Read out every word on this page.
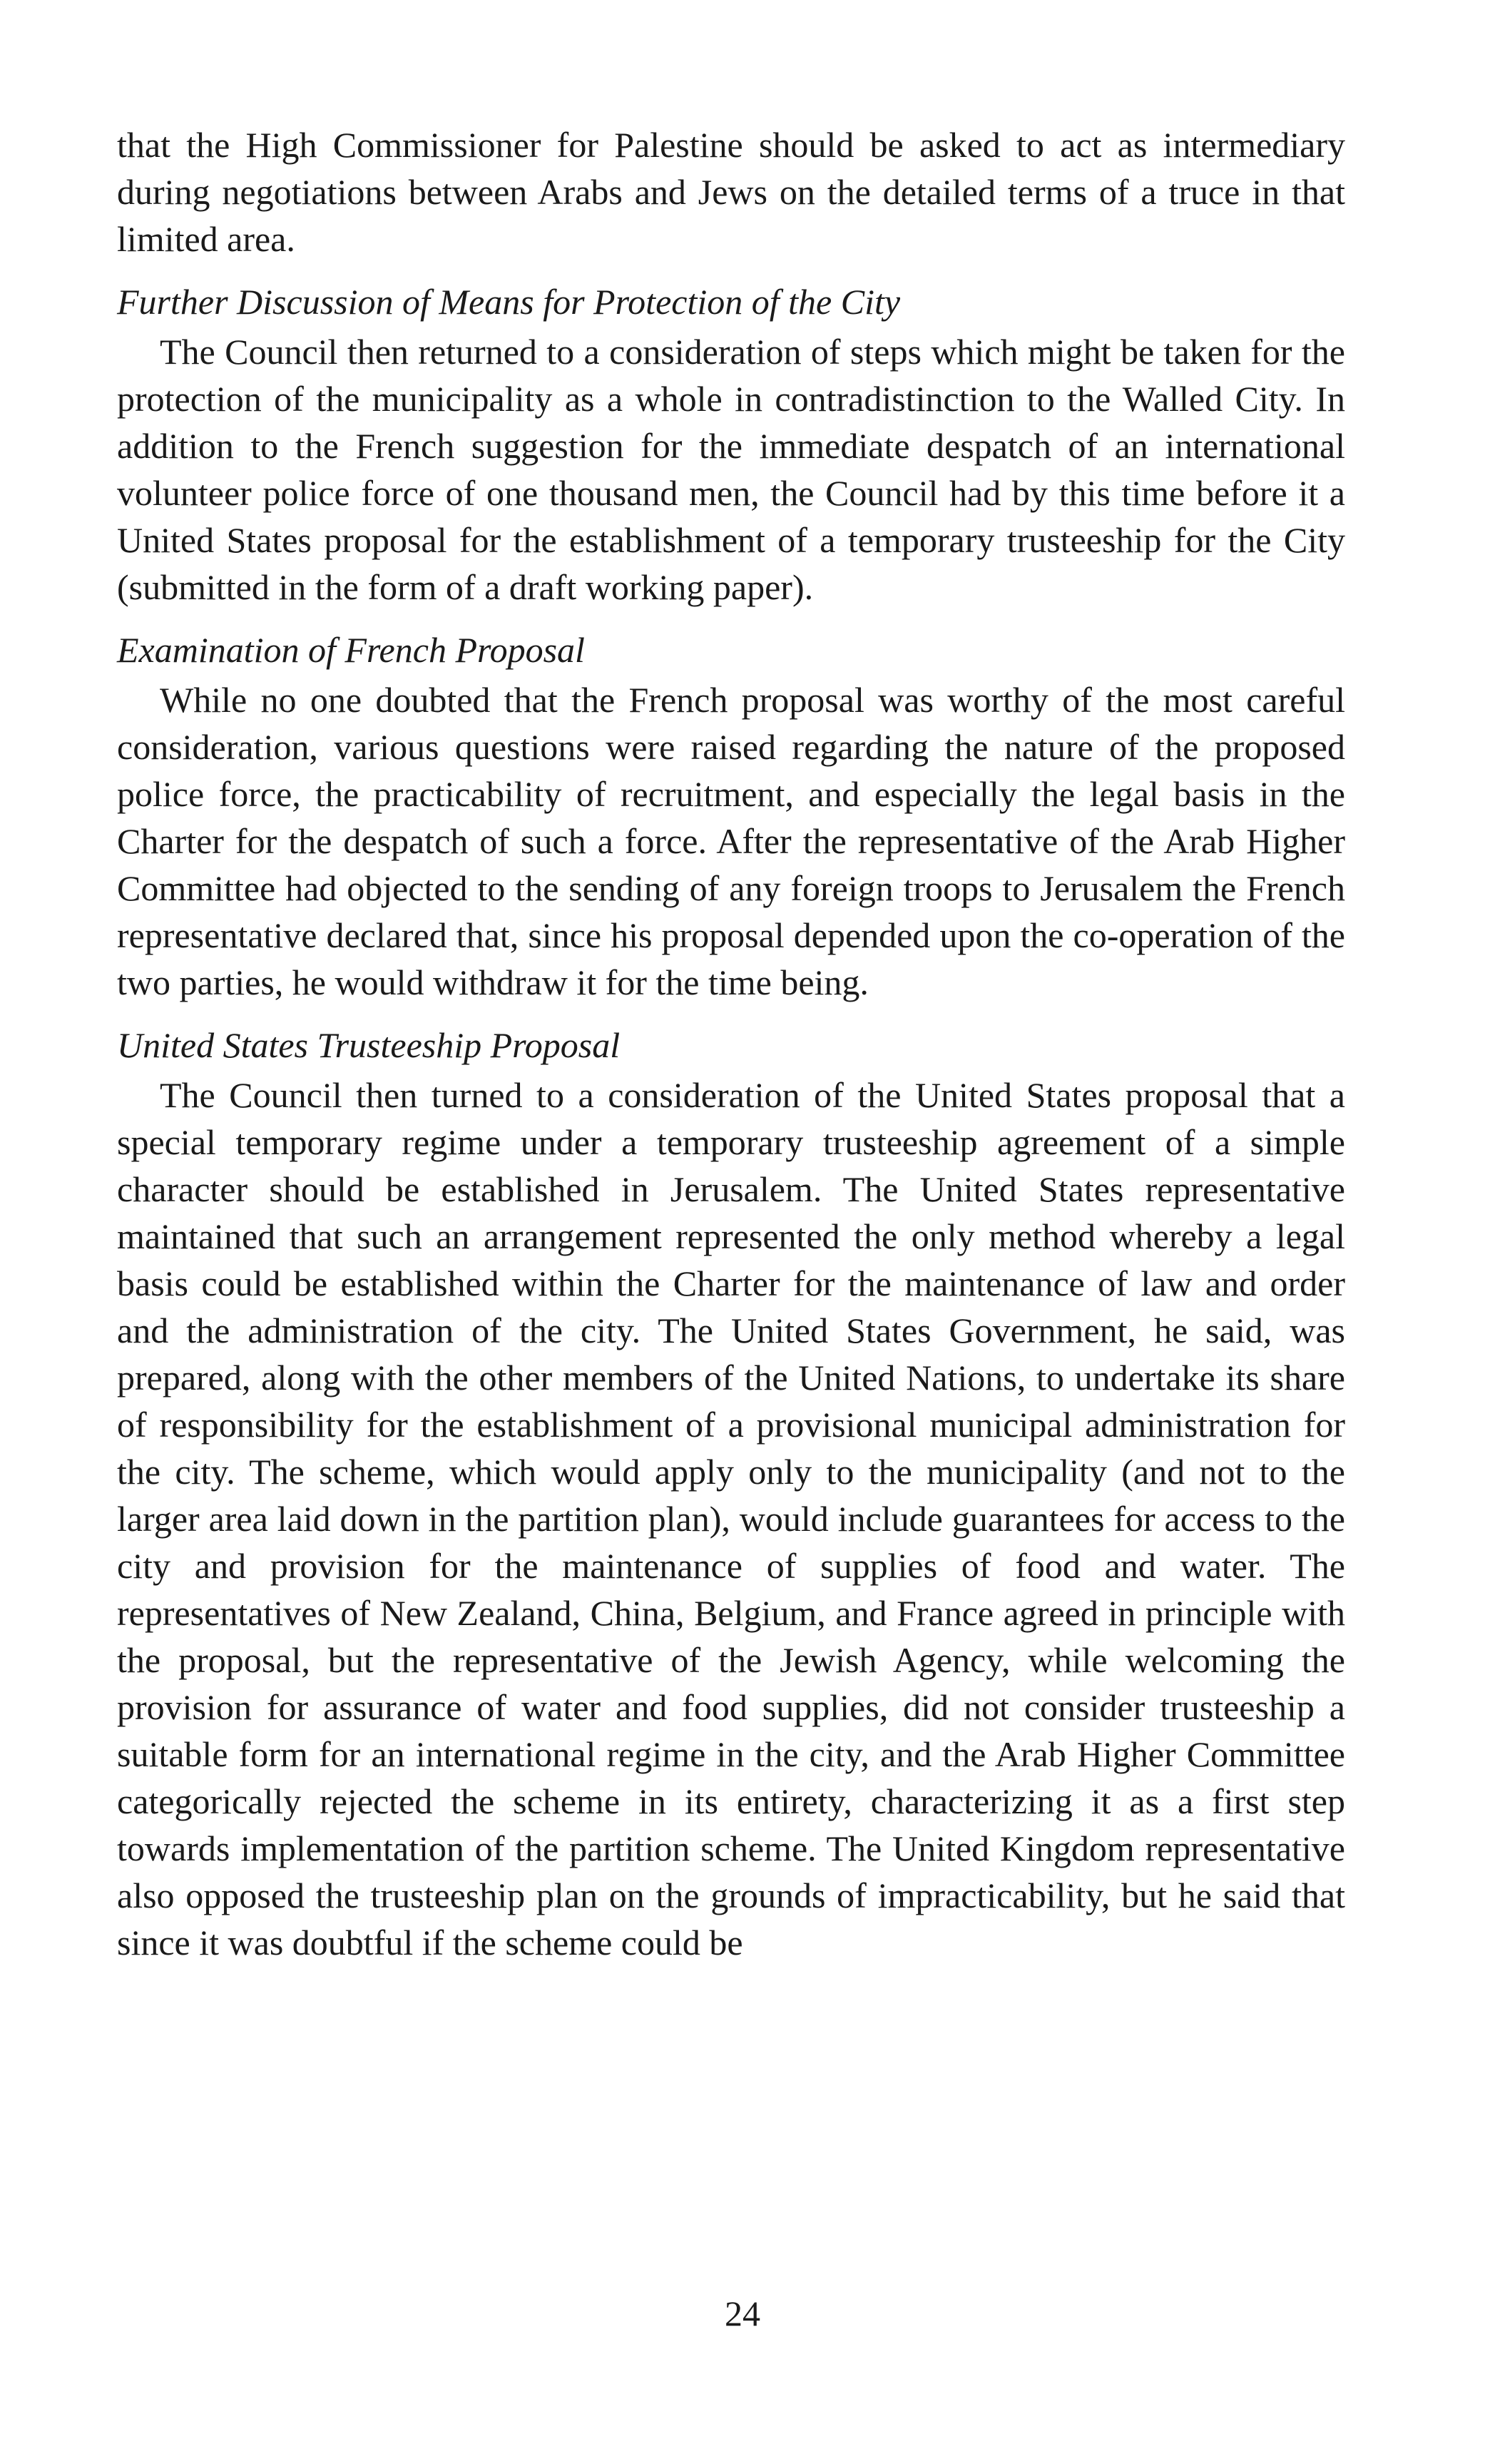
that the High Commissioner for Palestine should be asked to act as intermediary during negotiations between Arabs and Jews on the detailed terms of a truce in that limited area.

Further Discussion of Means for Protection of the City

The Council then returned to a consideration of steps which might be taken for the protection of the municipality as a whole in contradistinction to the Walled City. In addition to the French suggestion for the immediate despatch of an international volunteer police force of one thousand men, the Council had by this time before it a United States proposal for the establishment of a temporary trusteeship for the City (submitted in the form of a draft working paper).

Examination of French Proposal

While no one doubted that the French proposal was worthy of the most careful consideration, various questions were raised regarding the nature of the proposed police force, the practicability of recruitment, and especially the legal basis in the Charter for the despatch of such a force. After the representative of the Arab Higher Committee had objected to the sending of any foreign troops to Jerusalem the French representative declared that, since his proposal depended upon the co-operation of the two parties, he would withdraw it for the time being.

United States Trusteeship Proposal

The Council then turned to a consideration of the United States proposal that a special temporary regime under a temporary trusteeship agreement of a simple character should be established in Jerusalem. The United States representative maintained that such an arrangement represented the only method whereby a legal basis could be established within the Charter for the maintenance of law and order and the administration of the city. The United States Government, he said, was prepared, along with the other members of the United Nations, to undertake its share of responsibility for the establishment of a provisional municipal administration for the city. The scheme, which would apply only to the municipality (and not to the larger area laid down in the partition plan), would include guarantees for access to the city and provision for the maintenance of supplies of food and water. The representatives of New Zealand, China, Belgium, and France agreed in principle with the proposal, but the representative of the Jewish Agency, while welcoming the provision for assurance of water and food supplies, did not consider trusteeship a suitable form for an international regime in the city, and the Arab Higher Committee categorically rejected the scheme in its entirety, characterizing it as a first step towards implementation of the partition scheme. The United Kingdom representative also opposed the trusteeship plan on the grounds of impracticability, but he said that since it was doubtful if the scheme could be

24
